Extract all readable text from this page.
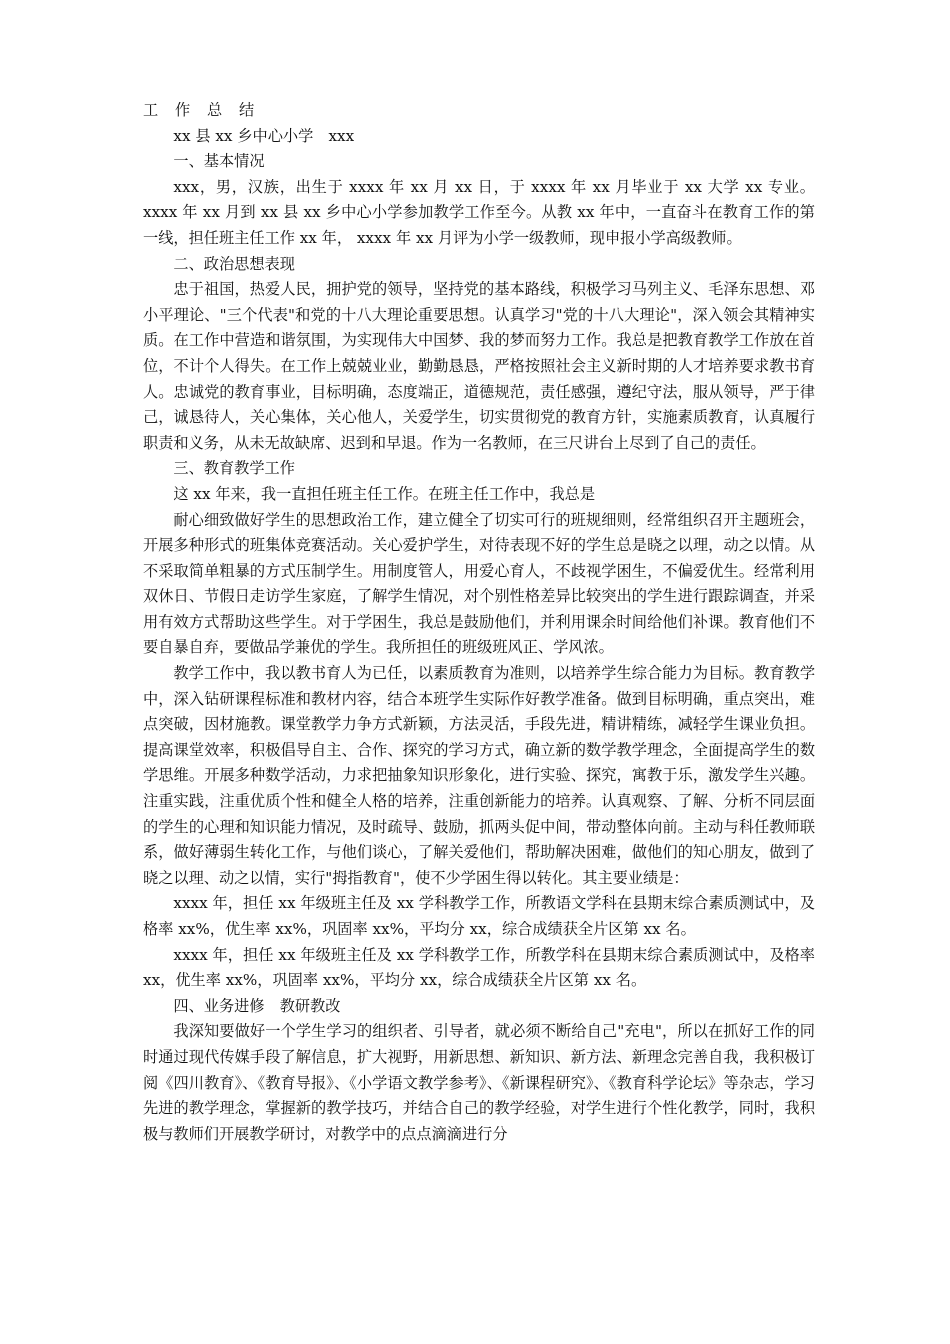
工 作 总 结

xx 县 xx 乡中心小学　xxx

一、基本情况

xxx，男，汉族，出生于 xxxx 年 xx 月 xx 日，于 xxxx 年 xx 月毕业于 xx 大学 xx 专业。xxxx 年 xx 月到 xx 县 xx 乡中心小学参加教学工作至今。从教 xx 年中，一直奋斗在教育工作的第一线，担任班主任工作 xx 年， xxxx 年 xx 月评为小学一级教师，现申报小学高级教师。

二、政治思想表现

忠于祖国，热爱人民，拥护党的领导，坚持党的基本路线，积极学习马列主义、毛泽东思想、邓小平理论、"三个代表"和党的十八大理论重要思想。认真学习"党的十八大理论"，深入领会其精神实质。在工作中营造和谐氛围，为实现伟大中国梦、我的梦而努力工作。我总是把教育教学工作放在首位，不计个人得失。在工作上兢兢业业，勤勤恳恳，严格按照社会主义新时期的人才培养要求教书育人。忠诚党的教育事业，目标明确，态度端正，道德规范，责任感强，遵纪守法，服从领导，严于律己，诚恳待人，关心集体，关心他人，关爱学生，切实贯彻党的教育方针，实施素质教育，认真履行职责和义务，从未无故缺席、迟到和早退。作为一名教师，在三尺讲台上尽到了自己的责任。

三、教育教学工作

这 xx 年来，我一直担任班主任工作。在班主任工作中，我总是

耐心细致做好学生的思想政治工作，建立健全了切实可行的班规细则，经常组织召开主题班会，开展多种形式的班集体竞赛活动。关心爱护学生，对待表现不好的学生总是晓之以理，动之以情。从不采取简单粗暴的方式压制学生。用制度管人，用爱心育人，不歧视学困生，不偏爱优生。经常利用双休日、节假日走访学生家庭，了解学生情况，对个别性格差异比较突出的学生进行跟踪调查，并采用有效方式帮助这些学生。对于学困生，我总是鼓励他们，并利用课余时间给他们补课。教育他们不要自暴自弃，要做品学兼优的学生。我所担任的班级班风正、学风浓。

教学工作中，我以教书育人为已任，以素质教育为准则，以培养学生综合能力为目标。教育教学中，深入钻研课程标准和教材内容，结合本班学生实际作好教学准备。做到目标明确，重点突出，难点突破，因材施教。课堂教学力争方式新颖，方法灵活，手段先进，精讲精练，减轻学生课业负担。提高课堂效率，积极倡导自主、合作、探究的学习方式，确立新的数学教学理念，全面提高学生的数学思维。开展多种数学活动，力求把抽象知识形象化，进行实验、探究，寓教于乐，激发学生兴趣。注重实践，注重优质个性和健全人格的培养，注重创新能力的培养。认真观察、了解、分析不同层面的学生的心理和知识能力情况，及时疏导、鼓励，抓两头促中间，带动整体向前。主动与科任教师联系，做好薄弱生转化工作，与他们谈心，了解关爱他们，帮助解决困难，做他们的知心朋友，做到了晓之以理、动之以情，实行"拇指教育"，使不少学困生得以转化。其主要业绩是：

xxxx 年，担任 xx 年级班主任及 xx 学科教学工作，所教语文学科在县期末综合素质测试中，及格率 xx%，优生率 xx%，巩固率 xx%，平均分 xx，综合成绩获全片区第 xx 名。

xxxx 年，担任 xx 年级班主任及 xx 学科教学工作，所教学科在县期末综合素质测试中，及格率 xx，优生率 xx%，巩固率 xx%，平均分 xx，综合成绩获全片区第 xx 名。

四、业务进修　教研教改

我深知要做好一个学生学习的组织者、引导者，就必须不断给自己"充电"，所以在抓好工作的同时通过现代传媒手段了解信息，扩大视野，用新思想、新知识、新方法、新理念完善自我，我积极订阅《四川教育》、《教育导报》、《小学语文教学参考》、《新课程研究》、《教育科学论坛》等杂志，学习先进的教学理念，掌握新的教学技巧，并结合自己的教学经验，对学生进行个性化教学，同时，我积极与教师们开展教学研讨，对教学中的点点滴滴进行分
